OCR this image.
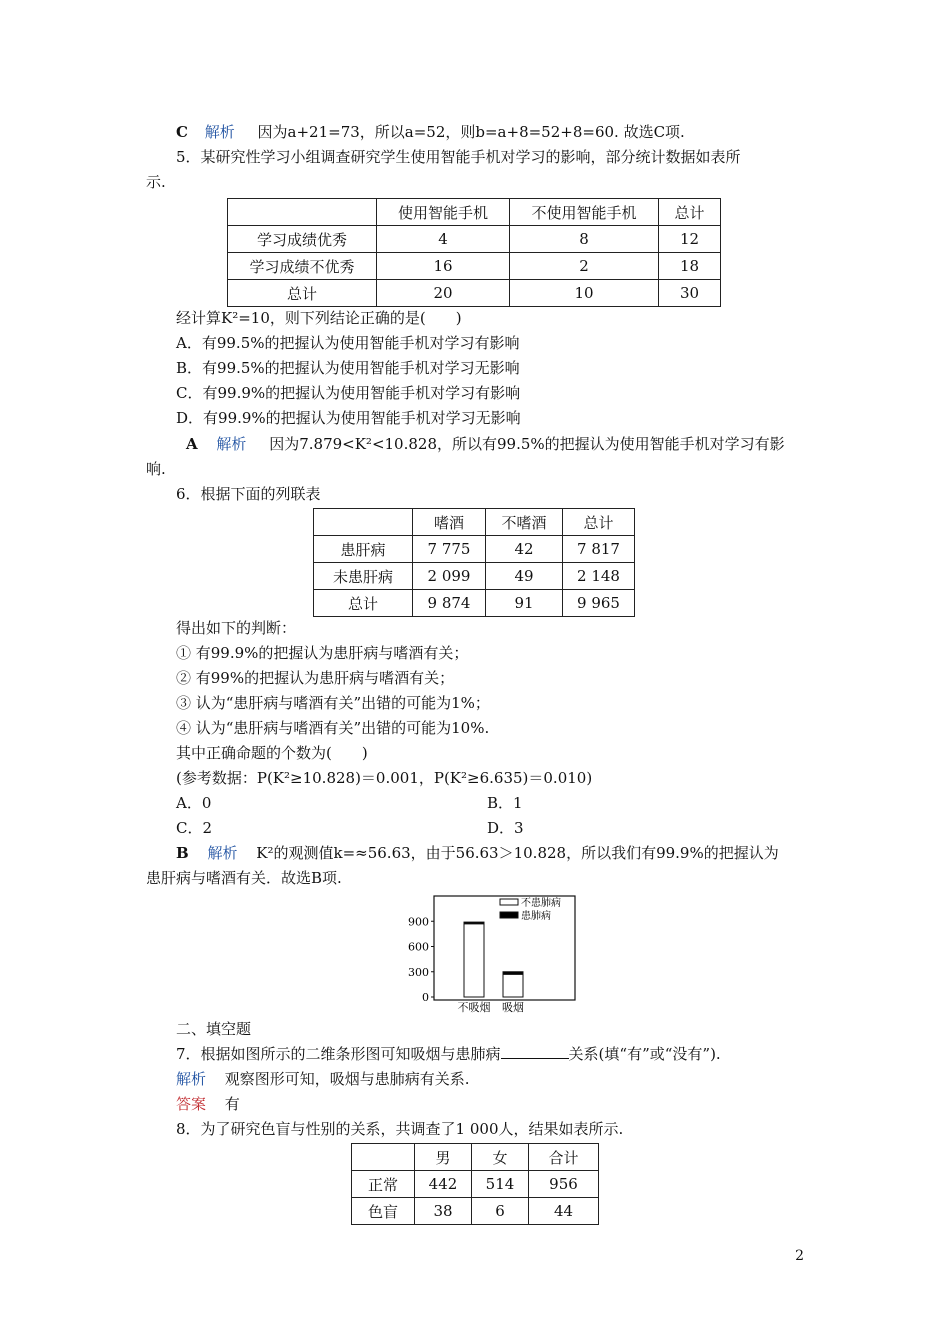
C 解析 因为a+21=73，所以a=52，则b=a+8=52+8=60. 故选C项.
5．某研究性学习小组调查研究学生使用智能手机对学习的影响，部分统计数据如表所
示.
	使用智能手机	不使用智能手机	总计
学习成绩优秀	4	8	12
学习成绩不优秀	16	2	18
总计	20	10	30
经计算K²=10，则下列结论正确的是(　　)
A．有99.5%的把握认为使用智能手机对学习有影响
B．有99.5%的把握认为使用智能手机对学习无影响
C．有99.9%的把握认为使用智能手机对学习有影响
D．有99.9%的把握认为使用智能手机对学习无影响
A 解析 因为7.879<K²<10.828，所以有99.5%的把握认为使用智能手机对学习有影
响.
6．根据下面的列联表
	嗜酒	不嗜酒	总计
患肝病	7 775	42	7 817
未患肝病	2 099	49	2 148
总计	9 874	91	9 965
得出如下的判断：
① 有99.9%的把握认为患肝病与嗜酒有关；
② 有99%的把握认为患肝病与嗜酒有关；
③ 认为“患肝病与嗜酒有关”出错的可能为1%；
④ 认为“患肝病与嗜酒有关”出错的可能为10%.
其中正确命题的个数为(　　)
(参考数据：P(K²≥10.828)＝0.001，P(K²≥6.635)＝0.010)
A．0	B．1
C．2	D．3
B 解析 K²的观测值k=≈56.63，由于56.63＞10.828，所以我们有99.9%的把握认为
患肝病与嗜酒有关．故选B项.
0
300
600
900
不吸烟 吸烟
不患肺病
患肺病
二、填空题
7．根据如图所示的二维条形图可知吸烟与患肺病	关系(填“有”或“没有”).
解析 观察图形可知，吸烟与患肺病有关系.
答案 有
8．为了研究色盲与性别的关系，共调查了1 000人，结果如表所示.
	男	女	合计
正常	442	514	956
色盲	38	6	44
2
